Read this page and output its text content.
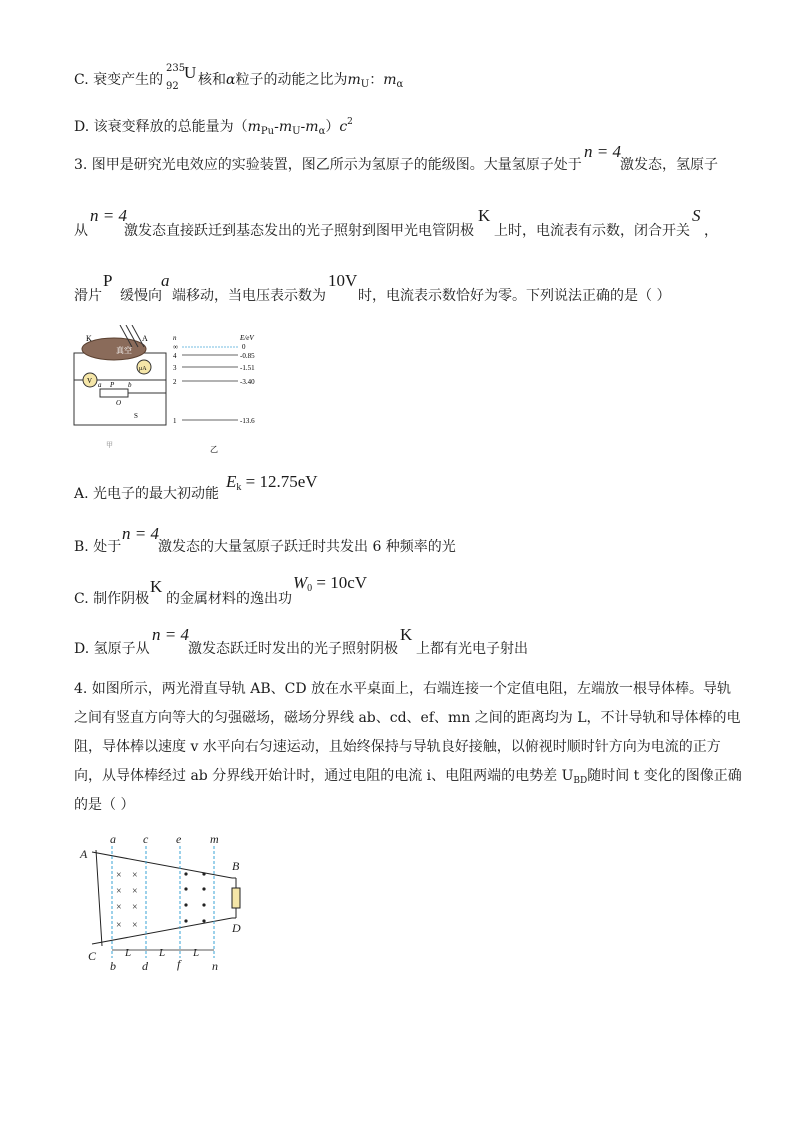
C. 衰变产生的
235
92
U 核和α粒子的动能之比为$m_U$：$m_\alpha$
D. 该衰变释放的总能量为$(m_{Pu}-m_U-m_\alpha)c^2$
3. 图甲是研究光电效应的实验装置，图乙所示为氢原子的能级图。大量氢原子处于
n = 4
激发态，氢原子
从
n = 4
激发态直接跃迁到基态发出的光子照射到图甲光电管阴极
K
上时，电流表有示数，闭合开关
S
，
滑片
P
缓慢向
a
端移动，当电压表示数为
10V
时，电流表示数恰好为零。下列说法正确的是（ ）
真空
K	A
μA
V a P b
O
S
甲
n	E/eV
∞	0
4	-0.85
3	-1.51
2	-3.40
1	-13.6
乙
A. 光电子的最大初动能
Ek = 12.75eV
B. 处于
n = 4
激发态的大量氢原子跃迁时共发出 6 种频率的光
C. 制作阴极
K
的金属材料的逸出功
W0 = 10cV
D. 氢原子从
n = 4
激发态跃迁时发出的光子照射阴极
K
上都有光电子射出
4. 如图所示，两光滑直导轨 AB、CD 放在水平桌面上，右端连接一个定值电阻，左端放一根导体棒。导轨
之间有竖直方向等大的匀强磁场，磁场分界线 ab、cd、ef、mn 之间的距离均为 L，不计导轨和导体棒的电
阻，导体棒以速度 v 水平向右匀速运动，且始终保持与导轨良好接触，以俯视时顺时针方向为电流的正方
向，从导体棒经过 ab 分界线开始计时，通过电阻的电流 i、电阻两端的电势差 $U_{BD}$随时间 t 变化的图像正确
的是（ ）
× ×
× ×
× ×
× ×
a c e m
b d f	n
A
B
C
D
L	L	L
